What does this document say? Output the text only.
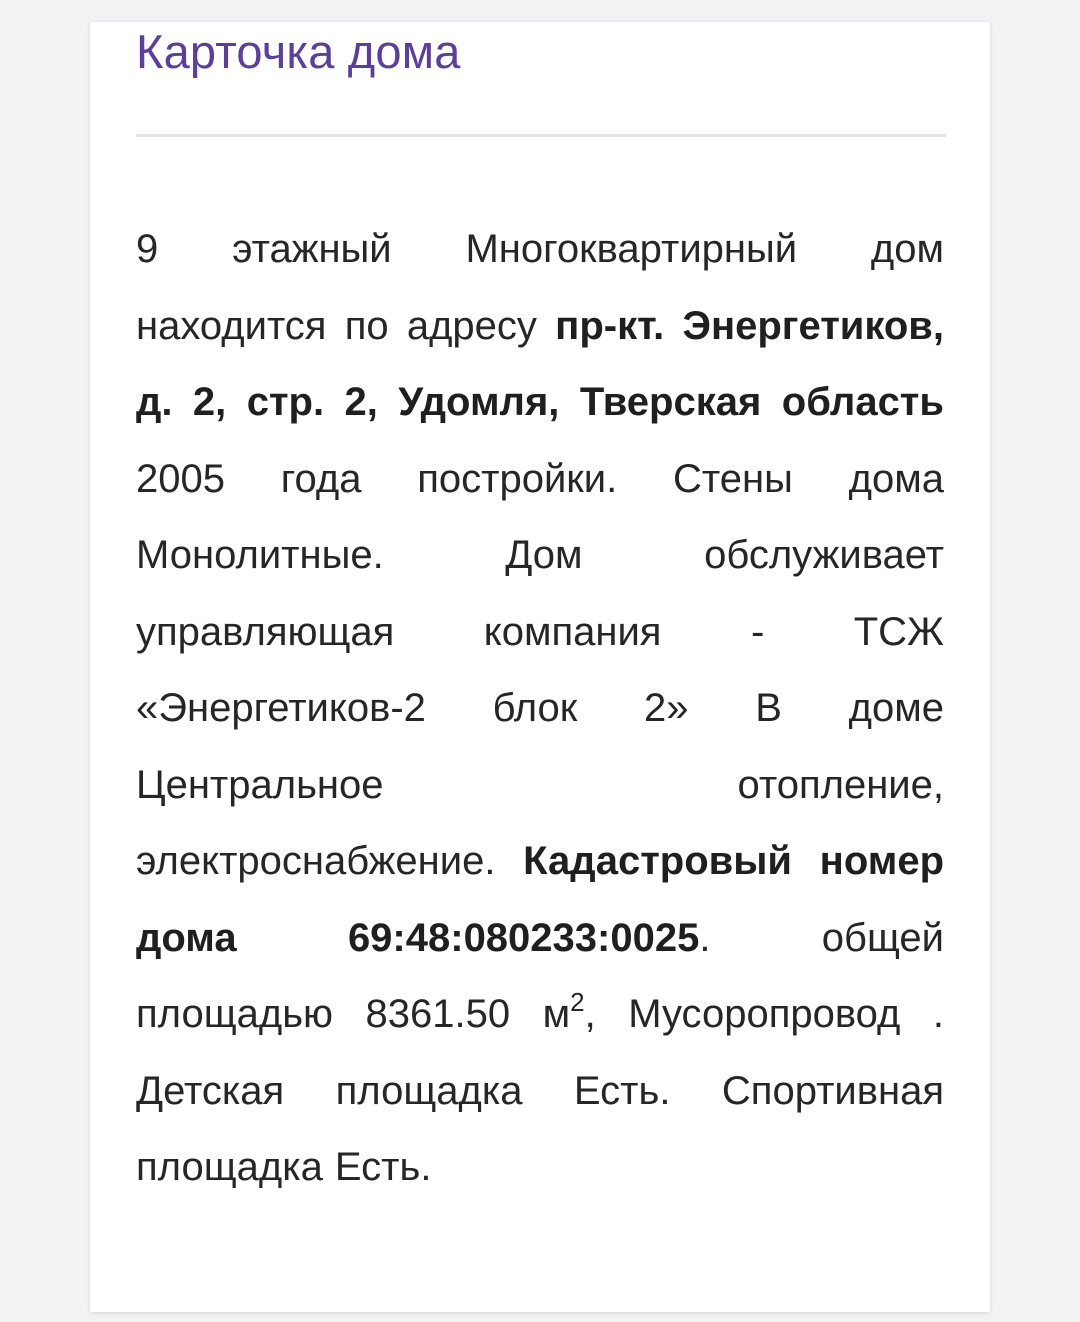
Карточка дома

9 этажный Многоквартирный дом находится по адресу пр-кт. Энергетиков, д. 2, стр. 2, Удомля, Тверская область 2005 года постройки. Стены дома Монолитные. Дом обслуживает управляющая компания - ТСЖ «Энергетиков-2 блок 2» В доме Центральное отопление, электроснабжение. Кадастровый номер дома 69:48:080233:0025. общей площадью 8361.50 $м^2$, Мусоропровод . Детская площадка Есть. Спортивная площадка Есть.
